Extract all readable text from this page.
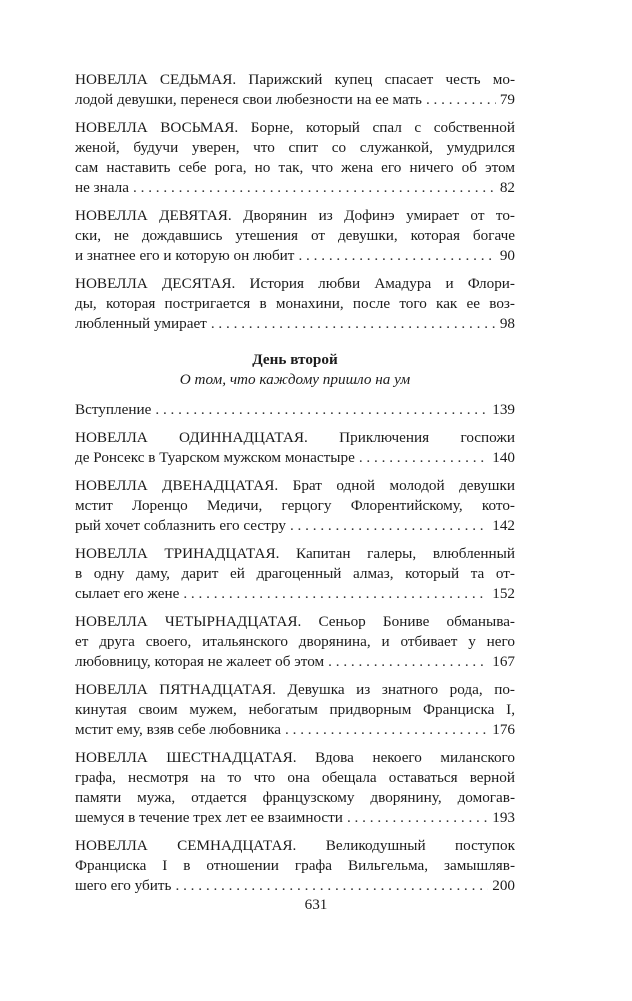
НОВЕЛЛА СЕДЬМАЯ. Парижский купец спасает честь мо-
лодой девушки, перенеся свои любезности на ее мать . . .	79
НОВЕЛЛА ВОСЬМАЯ. Борне, который спал с собственной
женой, будучи уверен, что спит со служанкой, умудрился
сам наставить себе рога, но так, что жена его ничего об этом
не знала . . .	82
НОВЕЛЛА ДЕВЯТАЯ. Дворянин из Дофинэ умирает от то-
ски, не дождавшись утешения от девушки, которая богаче
и знатнее его и которую он любит . . .	90
НОВЕЛЛА ДЕСЯТАЯ. История любви Амадура и Флори-
ды, которая постригается в монахини, после того как ее воз-
любленный умирает . . .	98
День второй
О том, что каждому пришло на ум
Вступление . . .	139
НОВЕЛЛА ОДИННАДЦАТАЯ. Приключения госпожи
де Ронсекс в Туарском мужском монастыре . . .	140
НОВЕЛЛА ДВЕНАДЦАТАЯ. Брат одной молодой девушки
мстит Лоренцо Медичи, герцогу Флорентийскому, кото-
рый хочет соблазнить его сестру . . .	142
НОВЕЛЛА ТРИНАДЦАТАЯ. Капитан галеры, влюбленный
в одну даму, дарит ей драгоценный алмаз, который та от-
сылает его жене . . .	152
НОВЕЛЛА ЧЕТЫРНАДЦАТАЯ. Сеньор Бониве обманыва-
ет друга своего, итальянского дворянина, и отбивает у него
любовницу, которая не жалеет об этом . . .	167
НОВЕЛЛА ПЯТНАДЦАТАЯ. Девушка из знатного рода, по-
кинутая своим мужем, небогатым придворным Франциска I,
мстит ему, взяв себе любовника . . .	176
НОВЕЛЛА ШЕСТНАДЦАТАЯ. Вдова некоего миланского
графа, несмотря на то что она обещала оставаться верной
памяти мужа, отдается французскому дворянину, домогав-
шемуся в течение трех лет ее взаимности . . .	193
НОВЕЛЛА СЕМНАДЦАТАЯ. Великодушный поступок
Франциска I в отношении графа Вильгельма, замышляв-
шего его убить . . .	200
631
